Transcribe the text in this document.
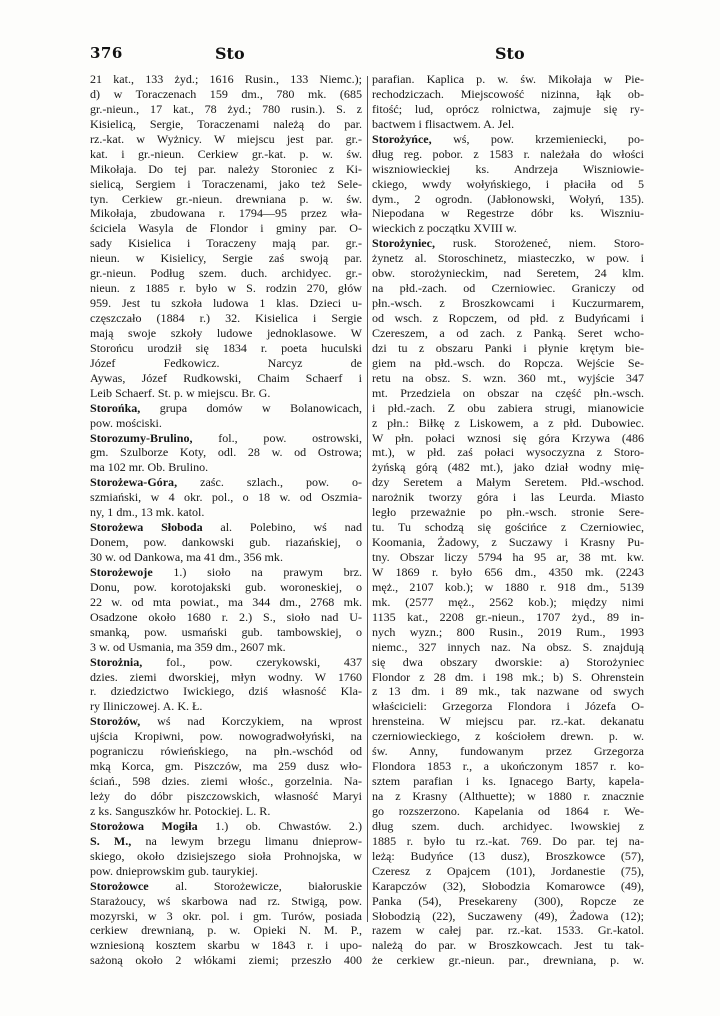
376	Sto	Sto
21 kat., 133 żyd.; 1616 Rusin., 133 Niemc.);
d) w Toraczenach 159 dm., 780 mk. (685
gr.-nieun., 17 kat., 78 żyd.; 780 rusin.). S. z
Kisielicą, Sergie, Toraczenami należą do par.
rz.-kat. w Wyżnicy. W miejscu jest par. gr.-
kat. i gr.-nieun. Cerkiew gr.-kat. p. w. św.
Mikołaja. Do tej par. należy Storoniec z Ki-
sielicą, Sergiem i Toraczenami, jako też Sele-
tyn. Cerkiew gr.-nieun. drewniana p. w. św.
Mikołaja, zbudowana r. 1794—95 przez wła-
ściciela Wasyla de Flondor i gminy par. O-
sady Kisielica i Toraczeny mają par. gr.-
nieun. w Kisielicy, Sergie zaś swoją par.
gr.-nieun. Podług szem. duch. archidyec. gr.-
nieun. z 1885 r. było w S. rodzin 270, głów
959. Jest tu szkoła ludowa 1 klas. Dzieci u-
częszczało (1884 r.) 32. Kisielica i Sergie
mają swoje szkoły ludowe jednoklasowe. W
Storońcu urodził się 1834 r. poeta huculski
Józef Fedkowicz. Narcyz de
Aywas, Józef Rudkowski, Chaim Schaerf i
Leib Schaerf. St. p. w miejscu. Br. G.
Storońka, grupa domów w Bolanowicach,
pow. mościski.
Storozumy-Brulino, fol., pow. ostrowski,
gm. Szulborze Koty, odl. 28 w. od Ostrowa;
ma 102 mr. Ob. Brulino.
Storożewa-Góra, zaśc. szlach., pow. o-
szmiański, w 4 okr. pol., o 18 w. od Oszmia-
ny, 1 dm., 13 mk. katol.
Storożewa Słoboda al. Polebino, wś nad
Donem, pow. dankowski gub. riazańskiej, o
30 w. od Dankowa, ma 41 dm., 356 mk.
Storożewoje 1.) sioło na prawym brz.
Donu, pow. korotojakski gub. woroneskiej, o
22 w. od mta powiat., ma 344 dm., 2768 mk.
Osadzone około 1680 r. 2.) S., sioło nad U-
smanką, pow. usmański gub. tambowskiej, o
3 w. od Usmania, ma 359 dm., 2607 mk.
Storożnia, fol., pow. czerykowski, 437
dzies. ziemi dworskiej, młyn wodny. W 1760
r. dziedzictwo Iwickiego, dziś własność Kla-
ry Iliniczowej. A. K. Ł.
Storożów, wś nad Korczykiem, na wprost
ujścia Kropiwni, pow. nowogradwołyński, na
pograniczu rówieńskiego, na płn.-wschód od
mką Korca, gm. Piszczów, ma 259 dusz wło-
ściań., 598 dzies. ziemi włośc., gorzelnia. Na-
leży do dóbr piszczowskich, własność Maryi
z ks. Sanguszków hr. Potockiej. L. R.
Storożowa Mogiła 1.) ob. Chwastów. 2.)
S. M., na lewym brzegu limanu dnieprow-
skiego, około dzisiejszego sioła Prohnojska, w
pow. dnieprowskim gub. taurykiej.
Storożowce al. Storożewicze, białoruskie
Starażoucy, wś skarbowa nad rz. Stwigą, pow.
mozyrski, w 3 okr. pol. i gm. Turów, posiada
cerkiew drewnianą, p. w. Opieki N. M. P.,
wzniesioną kosztem skarbu w 1843 r. i upo-
sażoną około 2 włókami ziemi; przeszło 400
parafian. Kaplica p. w. św. Mikołaja w Pie-
rechodziczach. Miejscowość nizinna, łąk ob-
fitość; lud, oprócz rolnictwa, zajmuje się ry-
bactwem i flisactwem. A. Jel.
Storożyńce, wś, pow. krzemieniecki, po-
dług reg. pobor. z 1583 r. należała do włości
wiszniowieckiej ks. Andrzeja Wiszniowie-
ckiego, wwdy wołyńskiego, i płaciła od 5
dym., 2 ogrodn. (Jabłonowski, Wołyń, 135).
Niepodana w Regestrze dóbr ks. Wiszniu-
wieckich z początku XVIII w.
Storożyniec, rusk. Storożeneć, niem. Storo-
żynetz al. Storoschinetz, miasteczko, w pow. i
obw. storożynieckim, nad Seretem, 24 klm.
na płd.-zach. od Czerniowiec. Graniczy od
płn.-wsch. z Broszkowcami i Kuczurmarem,
od wsch. z Ropczem, od płd. z Budyńcami i
Czereszem, a od zach. z Panką. Seret wcho-
dzi tu z obszaru Panki i płynie krętym bie-
giem na płd.-wsch. do Ropcza. Wejście Se-
retu na obsz. S. wzn. 360 mt., wyjście 347
mt. Przedziela on obszar na część płn.-wsch.
i płd.-zach. Z obu zabiera strugi, mianowicie
z płn.: Biłkę z Liskowem, a z płd. Dubowiec.
W płn. połaci wznosi się góra Krzywa (486
mt.), w płd. zaś połaci wysoczyzna z Storo-
żyńską górą (482 mt.), jako dział wodny mię-
dzy Seretem a Małym Seretem. Płd.-wschod.
narożnik tworzy góra i las Leurda. Miasto
legło przeważnie po płn.-wsch. stronie Sere-
tu. Tu schodzą się gościńce z Czerniowiec,
Koomania, Żadowy, z Suczawy i Krasny Pu-
tny. Obszar liczy 5794 ha 95 ar, 38 mt. kw.
W 1869 r. było 656 dm., 4350 mk. (2243
męż., 2107 kob.); w 1880 r. 918 dm., 5139
mk. (2577 męż., 2562 kob.); między nimi
1135 kat., 2208 gr.-nieun., 1707 żyd., 89 in-
nych wyzn.; 800 Rusin., 2019 Rum., 1993
niemc., 327 innych naz. Na obsz. S. znajdują
się dwa obszary dworskie: a) Storożyniec
Flondor z 28 dm. i 198 mk.; b) S. Ohrenstein
z 13 dm. i 89 mk., tak nazwane od swych
właścicieli: Grzegorza Flondora i Józefa O-
hrensteina. W miejscu par. rz.-kat. dekanatu
czerniowieckiego, z kościołem drewn. p. w.
św. Anny, fundowanym przez Grzegorza
Flondora 1853 r., a ukończonym 1857 r. ko-
sztem parafian i ks. Ignacego Barty, kapela-
na z Krasny (Althuette); w 1880 r. znacznie
go rozszerzono. Kapelania od 1864 r. We-
dług szem. duch. archidyec. lwowskiej z
1885 r. było tu rz.-kat. 769. Do par. tej na-
leżą: Budyńce (13 dusz), Broszkowce (57),
Czeresz z Opajcem (101), Jordanestie (75),
Karapczów (32), Słobodzia Komarowce (49),
Panka (54), Presekareny (300), Ropcze ze
Słobodzią (22), Suczaweny (49), Żadowa (12);
razem w całej par. rz.-kat. 1533. Gr.-katol.
należą do par. w Broszkowcach. Jest tu tak-
że cerkiew gr.-nieun. par., drewniana, p. w.
